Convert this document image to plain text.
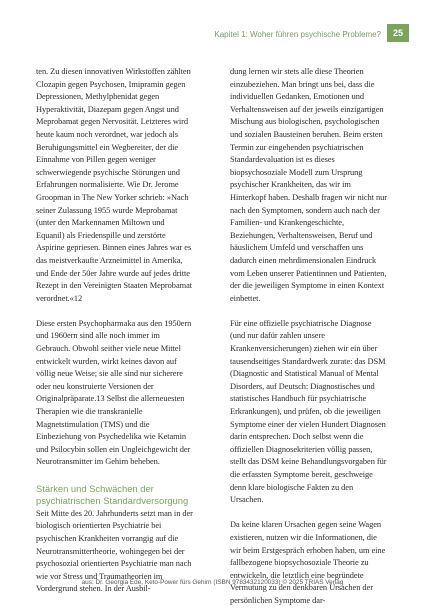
Kapitel 1: Woher führen psychische Probleme?	25

ten. Zu diesen innovativen Wirkstoffen zählten Clozapin gegen Psychosen, Imipramin gegen Depressionen, Methylphenidat gegen Hyperaktivität, Diazepam gegen Angst und Meprobamat gegen Nervosität. Letzteres wird heute kaum noch verordnet, war jedoch als Beruhigungsmittel ein Wegbereiter, der die Einnahme von Pillen gegen weniger schwerwiegende psychische Störungen und Erfahrungen normalisierte. Wie Dr. Jerome Groopman in The New Yorker schrieb: »Nach seiner Zulassung 1955 wurde Meprobamat (unter den Markennamen Miltown und Equanil) als Friedenspille und zerstörte Aspirine gepriesen. Binnen eines Jahres war es das meistverkaufte Arzneimittel in Amerika, und Ende der 50er Jahre wurde auf jedes dritte Rezept in den Vereinigten Staaten Meprobamat verordnet.«12

Diese ersten Psychopharmaka aus den 1950ern und 1960ern sind alle noch immer im Gebrauch. Obwohl seither viele neue Mittel entwickelt wurden, wirkt keines davon auf völlig neue Weise; sie alle sind nur sicherere oder neu konstruierte Versionen der Originalpräparate.13 Selbst die allerneuesten Therapien wie die transkranielle Magnetstimulation (TMS) und die Einbeziehung von Psychedelika wie Ketamin und Psilocybin sollen ein Ungleichgewicht der Neurotransmitter im Gehirn beheben.

Stärken und Schwächen der psychiatrischen Standardversorgung

Seit Mitte des 20. Jahrhunderts setzt man in der biologisch orientierten Psychiatrie bei psychischen Krankheiten vorrangig auf die Neurotransmittertheorie, wohingegen bei der psychosozial orientierten Psychiatrie man nach wie vor Stress und Traumatheorien im Vordergrund stehen. In der Ausbil-

dung lernen wir stets alle diese Theorien einzubeziehen. Man bringt uns bei, dass die individuellen Gedanken, Emotionen und Verhaltensweisen auf der jeweils einzigartigen Mischung aus biologischen, psychologischen und sozialen Bausteinen beruhen. Beim ersten Termin zur eingehenden psychiatrischen Standardevaluation ist es dieses biopsychosoziale Modell zum Ursprung psychischer Krankheiten, das wir im Hinterkopf haben. Deshalb fragen wir nicht nur nach den Symptomen, sondern auch nach der Familien- und Krankengeschichte, Beziehungen, Verhaltensweisen, Beruf und häuslichem Umfeld und verschaffen uns dadurch einen mehrdimensionalen Eindruck vom Leben unserer Patientinnen und Patienten, der die jeweiligen Symptome in einen Kontext einbettet.

Für eine offizielle psychiatrische Diagnose (und nur dafür zahlen unsere Krankenversicherungen) ziehen wir ein über tausendseitiges Standardwerk zurate: das DSM (Diagnostic and Statistical Manual of Mental Disorders, auf Deutsch: Diagnostisches und statistisches Handbuch für psychiatrische Erkrankungen), und prüfen, ob die jeweiligen Symptome einer der vielen Hundert Diagnosen darin entsprechen. Doch selbst wenn die offiziellen Diagnosekriterien völlig passen, stellt das DSM keine Behandlungsvorgaben für die erfassten Symptome bereit, geschweige denn klare biologische Fakten zu den Ursachen.

Da keine klaren Ursachen gegen seine Wagen existieren, nutzen wir die Informationen, die wir beim Erstgespräch erhoben haben, um eine fallbezogene biopsychosoziale Theorie zu entwickeln, die letztlich eine begründete Vermutung zu den denkbaren Ursachen der persönlichen Symptome dar-

aus: Dr. Georgia Ede, Keto-Power fürs Gehirn (ISBN 9783432120033) © 2025 TRIAS Verlag
